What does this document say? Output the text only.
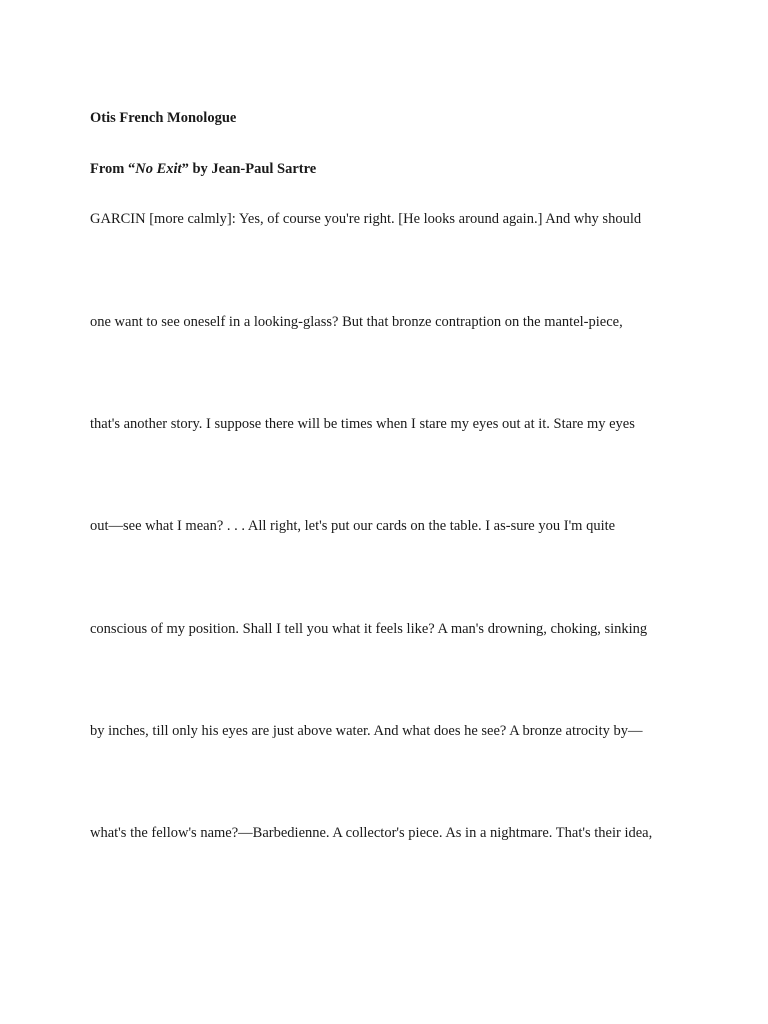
Otis French Monologue
From “No Exit” by Jean-Paul Sartre
GARCIN [more calmly]: Yes, of course you're right. [He looks around again.] And why should
one want to see oneself in a looking-glass? But that bronze contraption on the mantel-piece,
that's another story. I suppose there will be times when I stare my eyes out at it. Stare my eyes
out—see what I mean? . . . All right, let's put our cards on the table. I as-sure you I'm quite
conscious of my position. Shall I tell you what it feels like? A man's drowning, choking, sinking
by inches, till only his eyes are just above water. And what does he see? A bronze atrocity by—
what's the fellow's name?—Barbedienne. A collector's piece. As in a nightmare. That's their idea,
